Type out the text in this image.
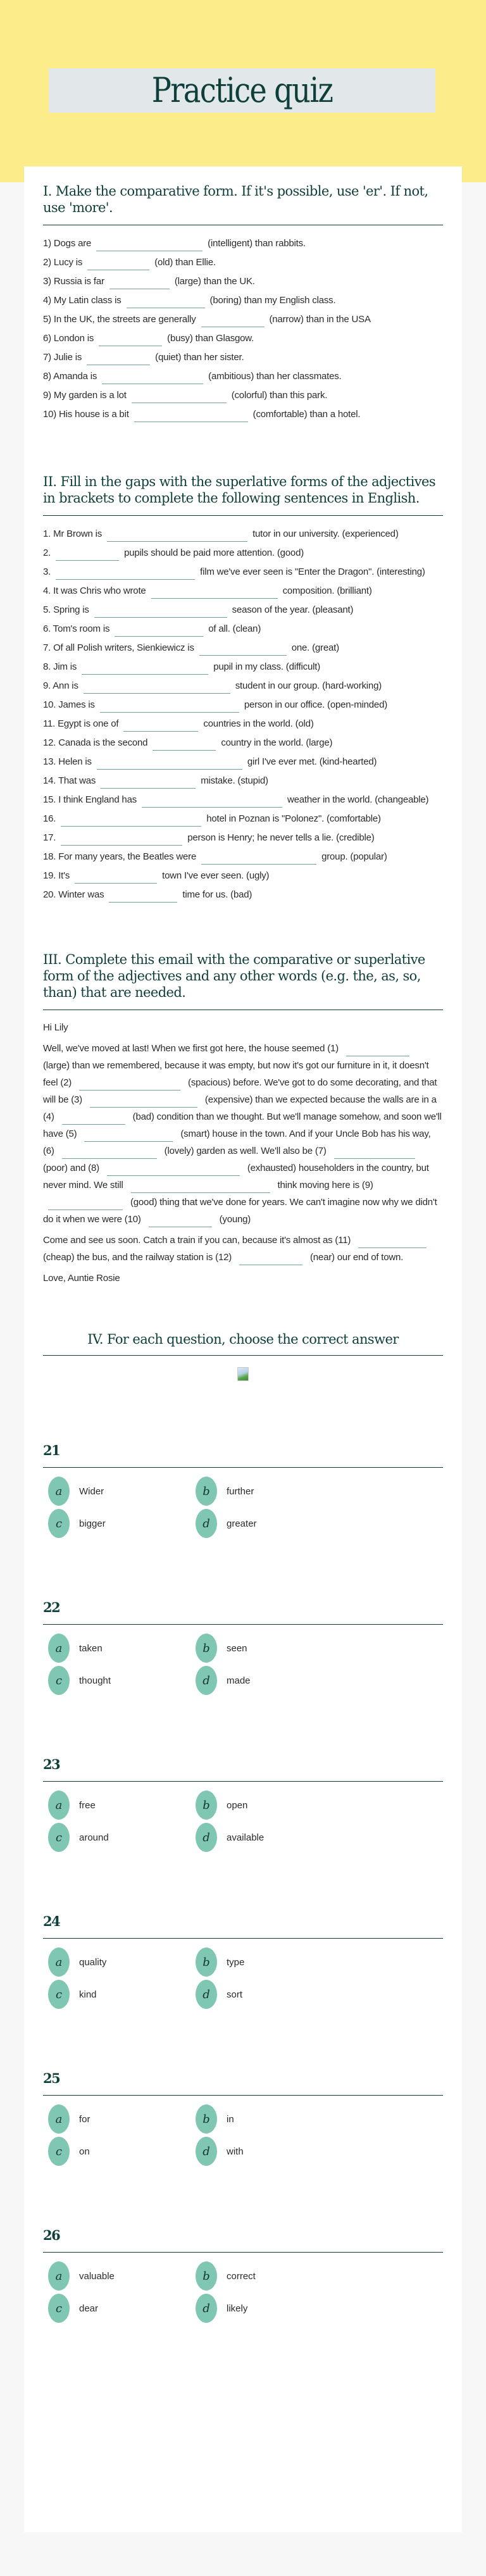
Practice quiz
I. Make the comparative form. If it's possible, use 'er'. If not, use 'more'.
1) Dogs are	(intelligent) than rabbits.
2) Lucy is	(old) than Ellie.
3) Russia is far	(large) than the UK.
4) My Latin class is	(boring) than my English class.
5) In the UK, the streets are generally	(narrow) than in the USA
6) London is	(busy) than Glasgow.
7) Julie is	(quiet) than her sister.
8) Amanda is	(ambitious) than her classmates.
9) My garden is a lot	(colorful) than this park.
10) His house is a bit	(comfortable) than a hotel.
II. Fill in the gaps with the superlative forms of the adjectives in brackets to complete the following sentences in English.
1. Mr Brown is	tutor in our university. (experienced)
2.	pupils should be paid more attention. (good)
3.	film we've ever seen is "Enter the Dragon". (interesting)
4. It was Chris who wrote	composition. (brilliant)
5. Spring is	season of the year. (pleasant)
6. Tom's room is	of all. (clean)
7. Of all Polish writers, Sienkiewicz is	one. (great)
8. Jim is	pupil in my class. (difficult)
9. Ann is	student in our group. (hard-working)
10. James is	person in our office. (open-minded)
11. Egypt is one of	countries in the world. (old)
12. Canada is the second	country in the world. (large)
13. Helen is	girl I've ever met. (kind-hearted)
14. That was	mistake. (stupid)
15. I think England has	weather in the world. (changeable)
16.	hotel in Poznan is "Polonez". (comfortable)
17.	person is Henry; he never tells a lie. (credible)
18. For many years, the Beatles were	group. (popular)
19. It's	town I've ever seen. (ugly)
20. Winter was	time for us. (bad)
III. Complete this email with the comparative or superlative form of the adjectives and any other words (e.g. the, as, so, than) that are needed.

Hi Lily

Well, we've moved at last! When we first got here, the house seemed (1)  (large) than we remembered, because it was empty, but now it's got our furniture in it, it doesn't feel (2)	(spacious) before. We've got to do some decorating, and that will be (3)	(expensive) than we expected because the walls are in a (4)	(bad) condition than we thought. But we'll manage somehow, and soon we'll have (5)	(smart) house in the town. And if your Uncle Bob has his way, (6)	(lovely) garden as well. We'll also be (7)  (poor) and (8)	(exhausted) householders in the country, but never mind. We still	think moving here is (9)  (good) thing that we've done for years. We can't imagine now why we didn't do it when we were (10)	(young)

Come and see us soon. Catch a train if you can, because it's almost as (11)  (cheap) the bus, and the railway station is (12)	(near) our end of town.

Love, Auntie Rosie

IV. For each question, choose the correct answer
21
a	Wider	b	further
c	bigger	d	greater
22
a	taken	b	seen
c	thought	d	made
23
a	free	b	open
c	around	d	available
24
a	quality	b	type
c	kind	d	sort
25
a	for	b	in
c	on	d	with
26
a	valuable	b	correct
c	dear	d	likely
